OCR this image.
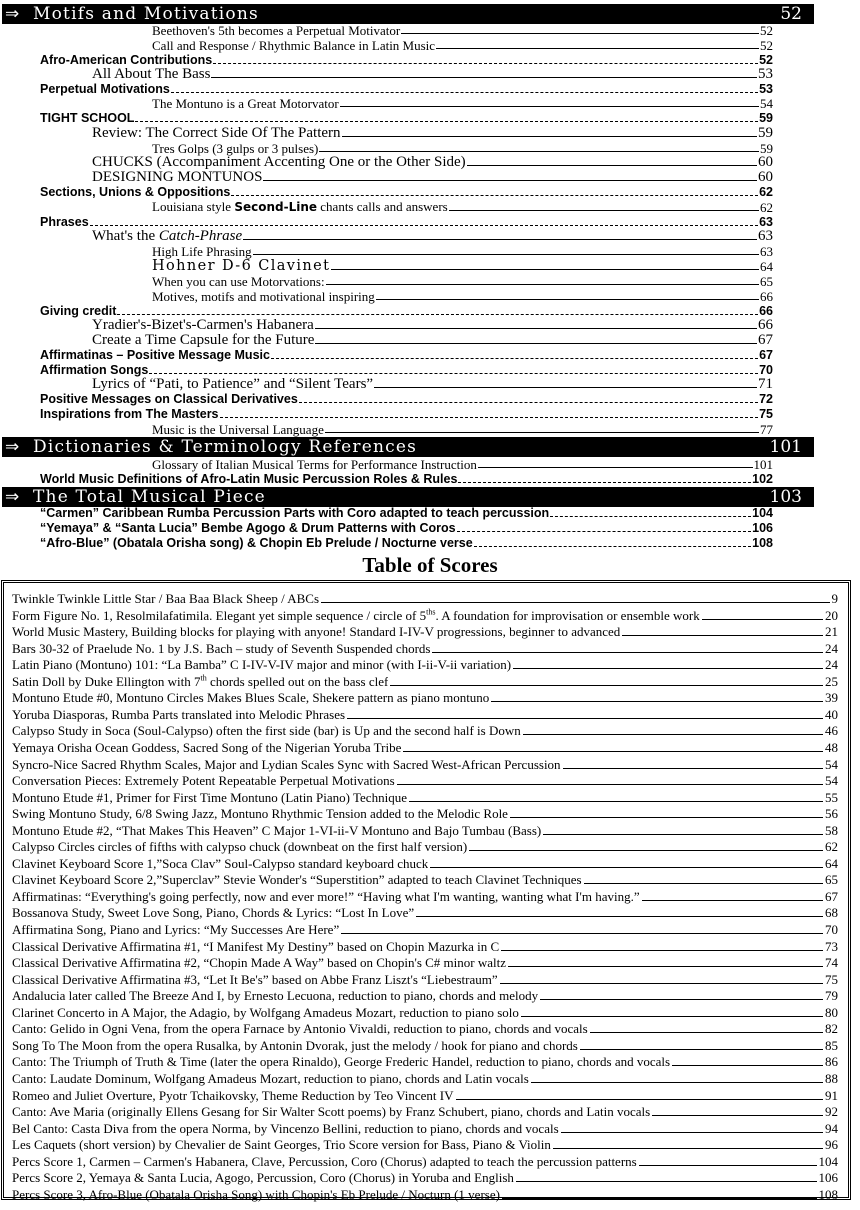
⇒ Motifs and Motivations	52
Beethoven's 5th becomes a Perpetual Motivator	52
Call and Response / Rhythmic Balance in Latin Music	52
Afro-American Contributions	52
All About The Bass	53
Perpetual Motivations	53
The Montuno is a Great Motorvator	54
TIGHT SCHOOL	59
Review: The Correct Side Of The Pattern	59
Tres Golps (3 gulps or 3 pulses)	59
CHUCKS (Accompaniment Accenting One or the Other Side)	60
DESIGNING MONTUNOS	60
Sections, Unions & Oppositions	62
Louisiana style Second-Line chants calls and answers	62
Phrases	63
What's the Catch-Phrase	63
High Life Phrasing	63
Hohner D-6 Clavinet	64
When you can use Motorvations:	65
Motives, motifs and motivational inspiring	66
Giving credit	66
Yradier's-Bizet's-Carmen's Habanera	66
Create a Time Capsule for the Future	67
Affirmatinas – Positive Message Music	67
Affirmation Songs	70
Lyrics of “Pati, to Patience” and “Silent Tears”	71
Positive Messages on Classical Derivatives	72
Inspirations from The Masters	75
Music is the Universal Language	77
⇒ Dictionaries & Terminology References	101
Glossary of Italian Musical Terms for Performance Instruction	101
World Music Definitions of Afro-Latin Music Percussion Roles & Rules	102
⇒ The Total Musical Piece	103
“Carmen” Caribbean Rumba Percussion Parts with Coro adapted to teach percussion	104
“Yemaya” & “Santa Lucia” Bembe Agogo & Drum Patterns with Coros	106
“Afro-Blue” (Obatala Orisha song) & Chopin Eb Prelude / Nocturne verse	108
Table of Scores
Twinkle Twinkle Little Star / Baa Baa Black Sheep / ABCs	9
Form Figure No. 1, Resolmilafatimila. Elegant yet simple sequence / circle of $5^{ths}$. A foundation for improvisation or ensemble work	20
World Music Mastery, Building blocks for playing with anyone! Standard I-IV-V progressions, beginner to advanced	21
Bars 30-32 of Praelude No. 1 by J.S. Bach – study of Seventh Suspended chords	24
Latin Piano (Montuno) 101: “La Bamba” C I-IV-V-IV major and minor (with I-ii-V-ii variation)	24
Satin Doll by Duke Ellington with 7th chords spelled out on the bass clef	25
Montuno Etude #0, Montuno Circles Makes Blues Scale, Shekere pattern as piano montuno	39
Yoruba Diasporas, Rumba Parts translated into Melodic Phrases	40
Calypso Study in Soca (Soul-Calypso) often the first side (bar) is Up and the second half is Down	46
Yemaya Orisha Ocean Goddess, Sacred Song of the Nigerian Yoruba Tribe	48
Syncro-Nice Sacred Rhythm Scales, Major and Lydian Scales Sync with Sacred West-African Percussion	54
Conversation Pieces: Extremely Potent Repeatable Perpetual Motivations	54
Montuno Etude #1, Primer for First Time Montuno (Latin Piano) Technique	55
Swing Montuno Study, 6/8 Swing Jazz, Montuno Rhythmic Tension added to the Melodic Role	56
Montuno Etude #2, “That Makes This Heaven” C Major 1-VI-ii-V Montuno and Bajo Tumbau (Bass)	58
Calypso Circles circles of fifths with calypso chuck (downbeat on the first half version)	62
Clavinet Keyboard Score 1,”Soca Clav” Soul-Calypso standard keyboard chuck	64
Clavinet Keyboard Score 2,”Superclav” Stevie Wonder's “Superstition” adapted to teach Clavinet Techniques	65
Affirmatinas: “Everything's going perfectly, now and ever more!” “Having what I'm wanting, wanting what I'm having.”	67
Bossanova Study, Sweet Love Song, Piano, Chords & Lyrics: “Lost In Love”	68
Affirmatina Song, Piano and Lyrics: “My Successes Are Here”	70
Classical Derivative Affirmatina #1, “I Manifest My Destiny” based on Chopin Mazurka in C	73
Classical Derivative Affirmatina #2, “Chopin Made A Way” based on Chopin's C# minor waltz	74
Classical Derivative Affirmatina #3, “Let It Be's” based on Abbe Franz Liszt's “Liebestraum”	75
Andalucia later called The Breeze And I, by Ernesto Lecuona, reduction to piano, chords and melody	79
Clarinet Concerto in A Major, the Adagio, by Wolfgang Amadeus Mozart, reduction to piano solo	80
Canto: Gelido in Ogni Vena, from the opera Farnace by Antonio Vivaldi, reduction to piano, chords and vocals	82
Song To The Moon from the opera Rusalka, by Antonin Dvorak, just the melody / hook for piano and chords	85
Canto: The Triumph of Truth & Time (later the opera Rinaldo), George Frederic Handel, reduction to piano, chords and vocals	86
Canto: Laudate Dominum, Wolfgang Amadeus Mozart, reduction to piano, chords and Latin vocals	88
Romeo and Juliet Overture, Pyotr Tchaikovsky, Theme Reduction by Teo Vincent IV	91
Canto: Ave Maria (originally Ellens Gesang for Sir Walter Scott poems) by Franz Schubert, piano, chords and Latin vocals	92
Bel Canto: Casta Diva from the opera Norma, by Vincenzo Bellini, reduction to piano, chords and vocals	94
Les Caquets (short version) by Chevalier de Saint Georges, Trio Score version for Bass, Piano & Violin	96
Percs Score 1, Carmen – Carmen's Habanera, Clave, Percussion, Coro (Chorus) adapted to teach the percussion patterns	104
Percs Score 2, Yemaya & Santa Lucia, Agogo, Percussion, Coro (Chorus) in Yoruba and English	106
Percs Score 3, Afro-Blue (Obatala Orisha Song) with Chopin's Eb Prelude / Nocturn (1 verse)	108
